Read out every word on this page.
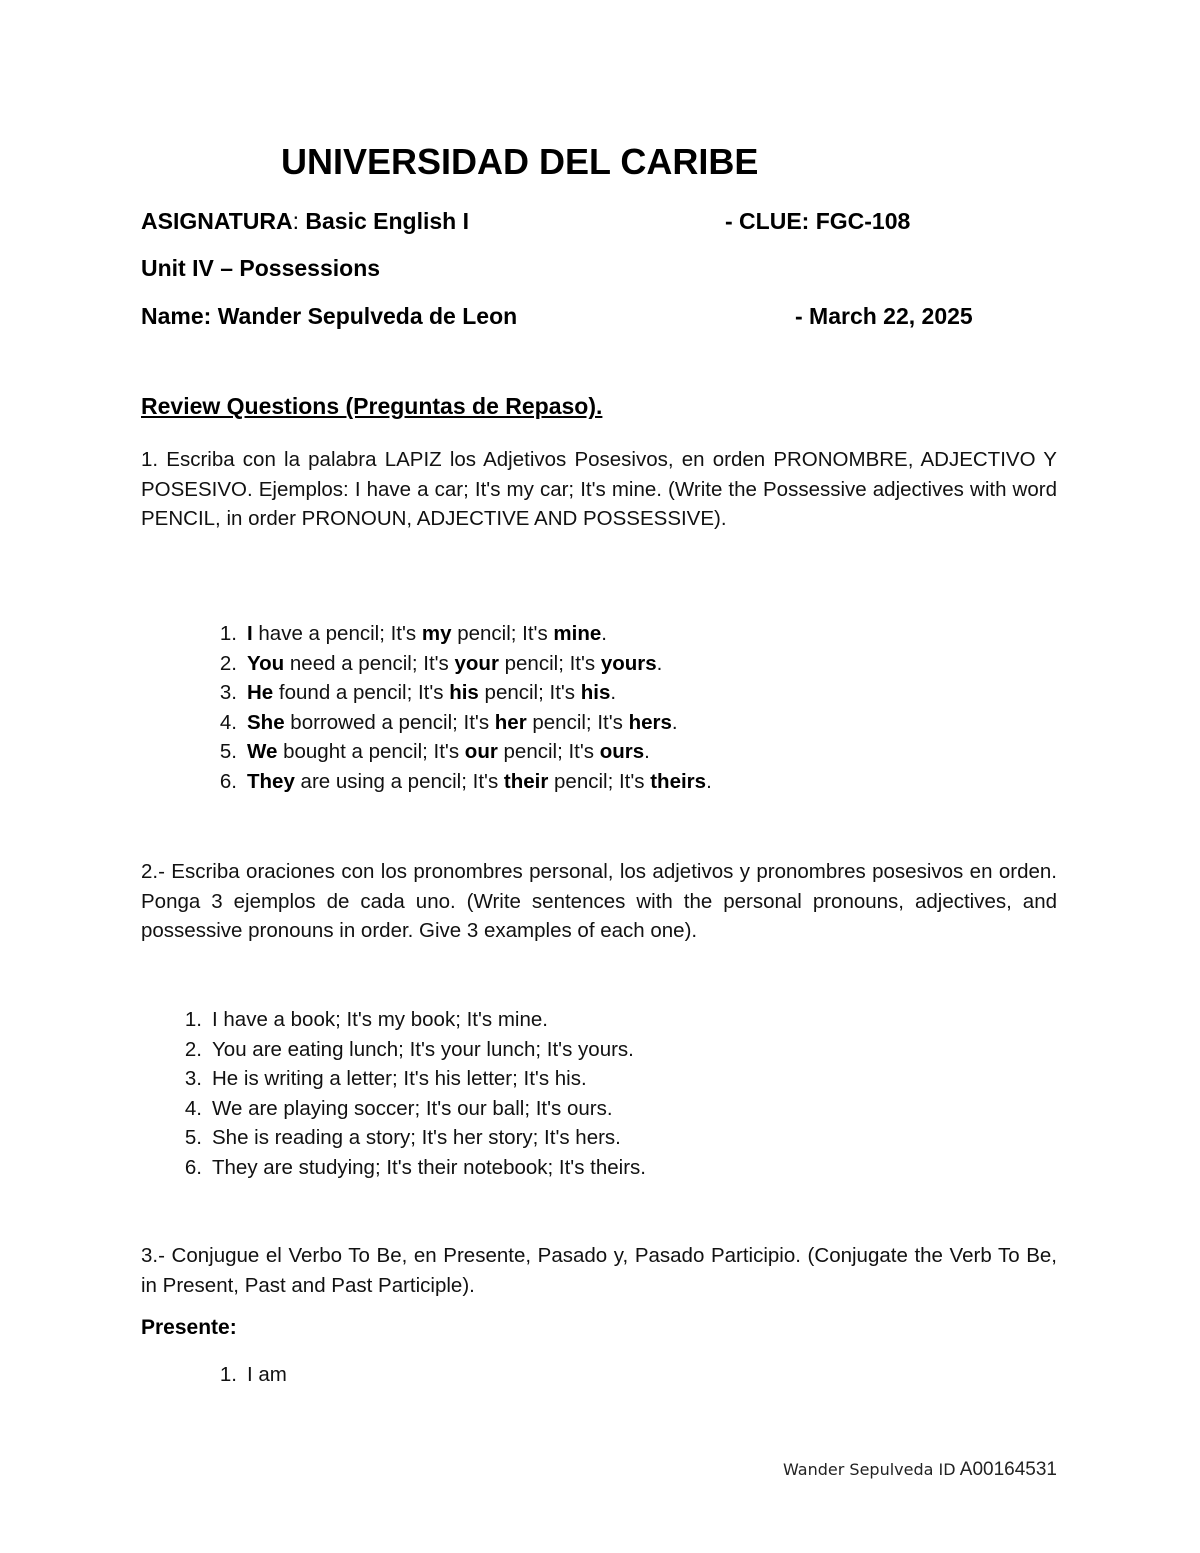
UNIVERSIDAD DEL CARIBE
ASIGNATURA: Basic English I	- CLUE: FGC-108
Unit IV – Possessions
Name: Wander Sepulveda de Leon	- March 22, 2025
Review Questions (Preguntas de Repaso).
1. Escriba con la palabra LAPIZ los Adjetivos Posesivos, en orden PRONOMBRE, ADJECTIVO Y POSESIVO. Ejemplos: I have a car; It's my car; It's mine. (Write the Possessive adjectives with word PENCIL, in order PRONOUN, ADJECTIVE AND POSSESSIVE).
1. I have a pencil; It's my pencil; It's mine.
2. You need a pencil; It's your pencil; It's yours.
3. He found a pencil; It's his pencil; It's his.
4. She borrowed a pencil; It's her pencil; It's hers.
5. We bought a pencil; It's our pencil; It's ours.
6. They are using a pencil; It's their pencil; It's theirs.
2.- Escriba oraciones con los pronombres personal, los adjetivos y pronombres posesivos en orden. Ponga 3 ejemplos de cada uno. (Write sentences with the personal pronouns, adjectives, and possessive pronouns in order. Give 3 examples of each one).
1. I have a book; It's my book; It's mine.
2. You are eating lunch; It's your lunch; It's yours.
3. He is writing a letter; It's his letter; It's his.
4. We are playing soccer; It's our ball; It's ours.
5. She is reading a story; It's her story; It's hers.
6. They are studying; It's their notebook; It's theirs.
3.- Conjugue el Verbo To Be, en Presente, Pasado y, Pasado Participio. (Conjugate the Verb To Be, in Present, Past and Past Participle).
Presente:
1. I am
Wander Sepulveda ID A00164531
